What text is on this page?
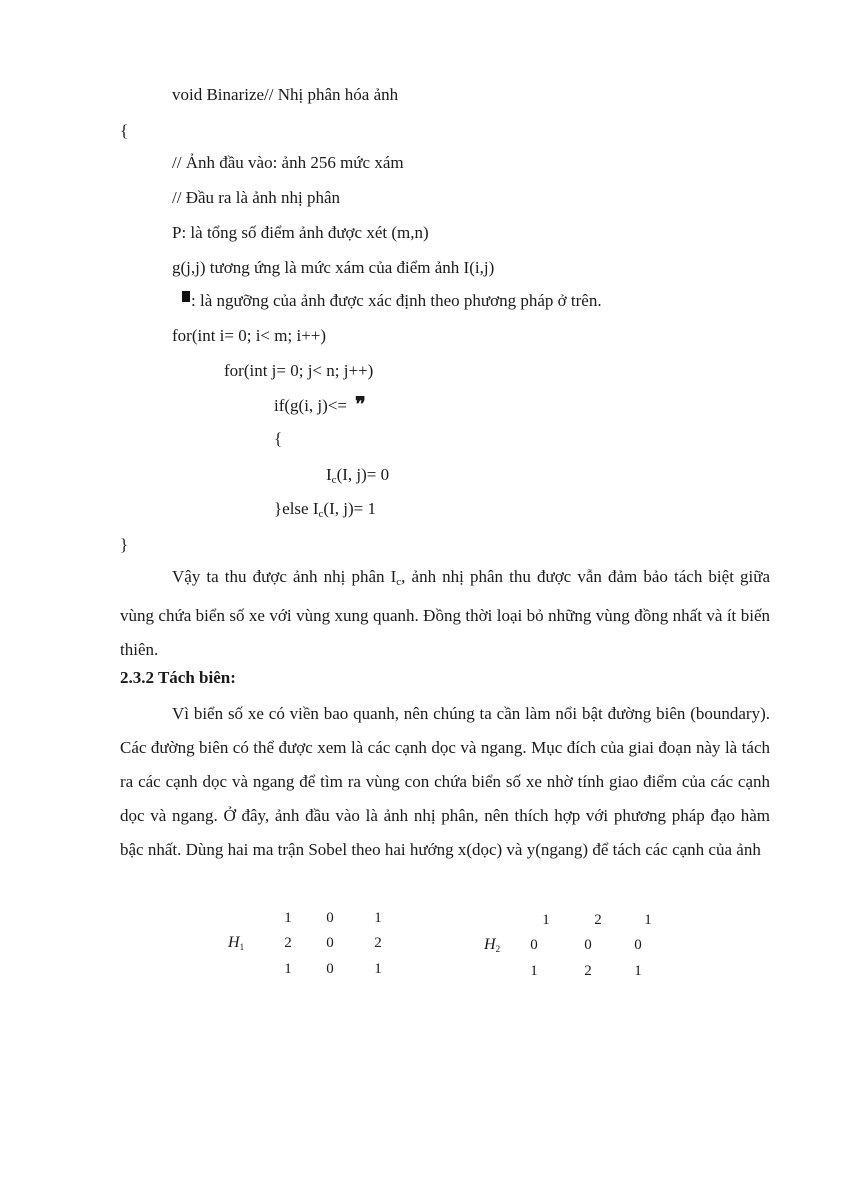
void Binarize// Nhị phân hóa ảnh
{
// Ảnh đầu vào: ảnh 256 mức xám
// Đầu ra là ảnh nhị phân
P: là tổng số điểm ảnh được xét (m,n)
g(j,j) tương ứng là mức xám của điểm ảnh I(i,j)
: là ngưỡng của ảnh được xác định theo phương pháp ở trên.
for(int i= 0; i< m; i++)
for(int j= 0; j< n; j++)
if(g(i, j)<= ❞
{
$I_c(I$, j)= 0
}else $I_c(I$, j)= 1
}
Vậy ta thu được ảnh nhị phân $I_c$, ảnh nhị phân thu được vẫn đảm bảo tách biệt giữa vùng chứa biển số xe với vùng xung quanh. Đồng thời loại bỏ những vùng đồng nhất và ít biến thiên.
2.3.2 Tách biên:
Vì biển số xe có viền bao quanh, nên chúng ta cần làm nổi bật đường biên (boundary). Các đường biên có thể được xem là các cạnh dọc và ngang. Mục đích của giai đoạn này là tách ra các cạnh dọc và ngang để tìm ra vùng con chứa biển số xe nhờ tính giao điểm của các cạnh dọc và ngang. Ở đây, ảnh đầu vào là ảnh nhị phân, nên thích hợp với phương pháp đạo hàm bậc nhất. Dùng hai ma trận Sobel theo hai hướng x(dọc) và y(ngang) để tách các cạnh của ảnh
$H_1$
1	0	1
2	0	2
1	0	1
$H_2$
1	2	1
0	0	0
1	2	1
